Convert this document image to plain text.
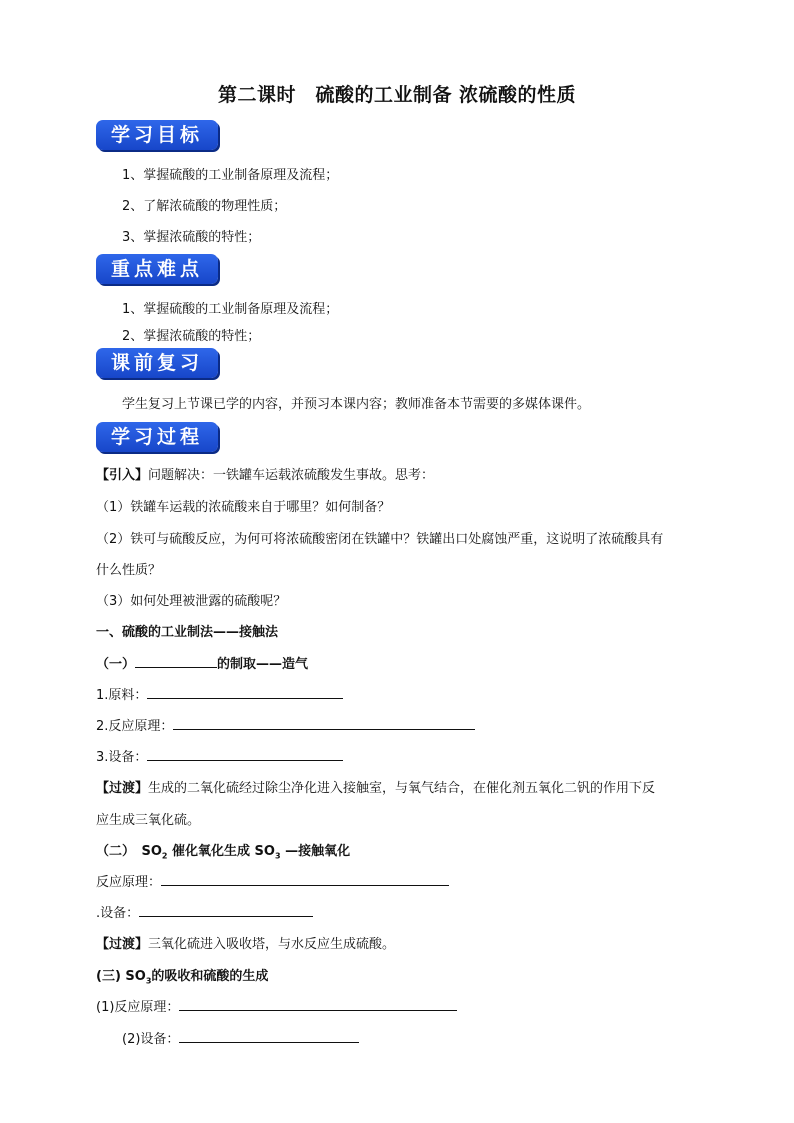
第二课时　硫酸的工业制备 浓硫酸的性质
学习目标
1、掌握硫酸的工业制备原理及流程；
2、了解浓硫酸的物理性质；
3、掌握浓硫酸的特性；
重点难点
1、掌握硫酸的工业制备原理及流程；
2、掌握浓硫酸的特性；
课前复习
学生复习上节课已学的内容，并预习本课内容；教师准备本节需要的多媒体课件。
学习过程
【引入】问题解决：一铁罐车运载浓硫酸发生事故。思考：
（1）铁罐车运载的浓硫酸来自于哪里？如何制备？
（2）铁可与硫酸反应，为何可将浓硫酸密闭在铁罐中？铁罐出口处腐蚀严重，这说明了浓硫酸具有
什么性质？
（3）如何处理被泄露的硫酸呢？
一、硫酸的工业制法——接触法
（一）	的制取——造气
1.原料：
2.反应原理：
3.设备：
【过渡】生成的二氧化硫经过除尘净化进入接触室，与氧气结合，在催化剂五氧化二钒的作用下反
应生成三氧化硫。
（二）　$SO_2$ 催化氧化生成 $SO_3$ —接触氧化
反应原理：
.设备：
【过渡】三氧化硫进入吸收塔，与水反应生成硫酸。
(三) $SO_3$的吸收和硫酸的生成
(1)反应原理：
(2)设备：
